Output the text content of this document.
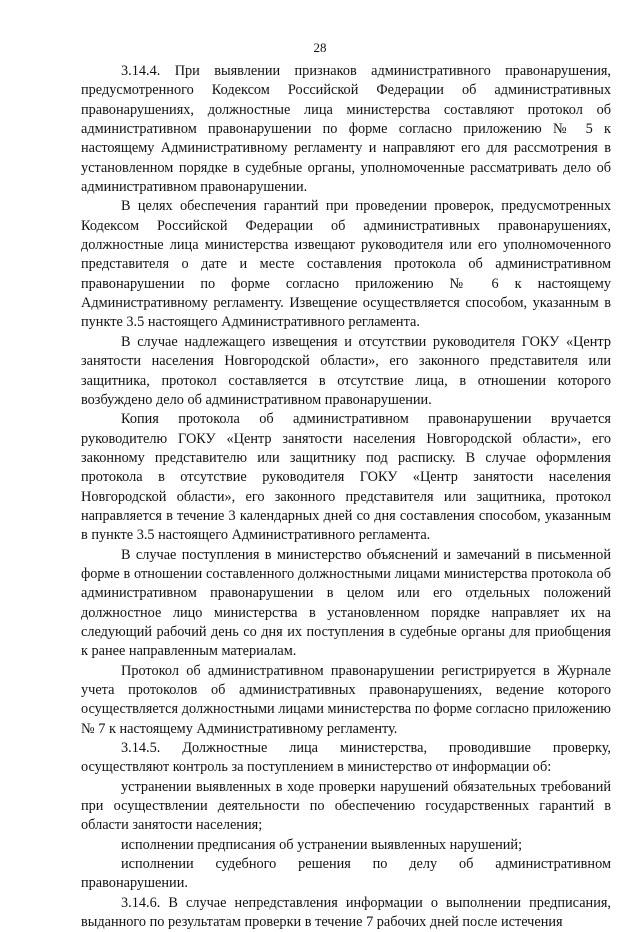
28

3.14.4. При выявлении признаков административного правонарушения, предусмотренного Кодексом Российской Федерации об административных правонарушениях, должностные лица министерства составляют протокол об административном правонарушении по форме согласно приложению № 5 к настоящему Административному регламенту и направляют его для рассмотрения в установленном порядке в судебные органы, уполномоченные рассматривать дело об административном правонарушении.

В целях обеспечения гарантий при проведении проверок, предусмотренных Кодексом Российской Федерации об административных правонарушениях, должностные лица министерства извещают руководителя или его уполномоченного представителя о дате и месте составления протокола об административном правонарушении по форме согласно приложению № 6 к настоящему Административному регламенту. Извещение осуществляется способом, указанным в пункте 3.5 настоящего Административного регламента.

В случае надлежащего извещения и отсутствии руководителя ГОКУ «Центр занятости населения Новгородской области», его законного представителя или защитника, протокол составляется в отсутствие лица, в отношении которого возбуждено дело об административном правонарушении.

Копия протокола об административном правонарушении вручается руководителю ГОКУ «Центр занятости населения Новгородской области», его законному представителю или защитнику под расписку. В случае оформления протокола в отсутствие руководителя ГОКУ «Центр занятости населения Новгородской области», его законного представителя или защитника, протокол направляется в течение 3 календарных дней со дня составления способом, указанным в пункте 3.5 настоящего Административного регламента.

В случае поступления в министерство объяснений и замечаний в письменной форме в отношении составленного должностными лицами министерства протокола об административном правонарушении в целом или его отдельных положений должностное лицо министерства в установленном порядке направляет их на следующий рабочий день со дня их поступления в судебные органы для приобщения к ранее направленным материалам.

Протокол об административном правонарушении регистрируется в Журнале учета протоколов об административных правонарушениях, ведение которого осуществляется должностными лицами министерства по форме согласно приложению № 7 к настоящему Административному регламенту.

3.14.5. Должностные лица министерства, проводившие проверку, осуществляют контроль за поступлением в министерство от информации об:

устранении выявленных в ходе проверки нарушений обязательных требований при осуществлении деятельности по обеспечению государственных гарантий в области занятости населения;

исполнении предписания об устранении выявленных нарушений;

исполнении судебного решения по делу об административном правонарушении.

3.14.6. В случае непредставления информации о выполнении предписания, выданного по результатам проверки в течение 7 рабочих дней после истечения
